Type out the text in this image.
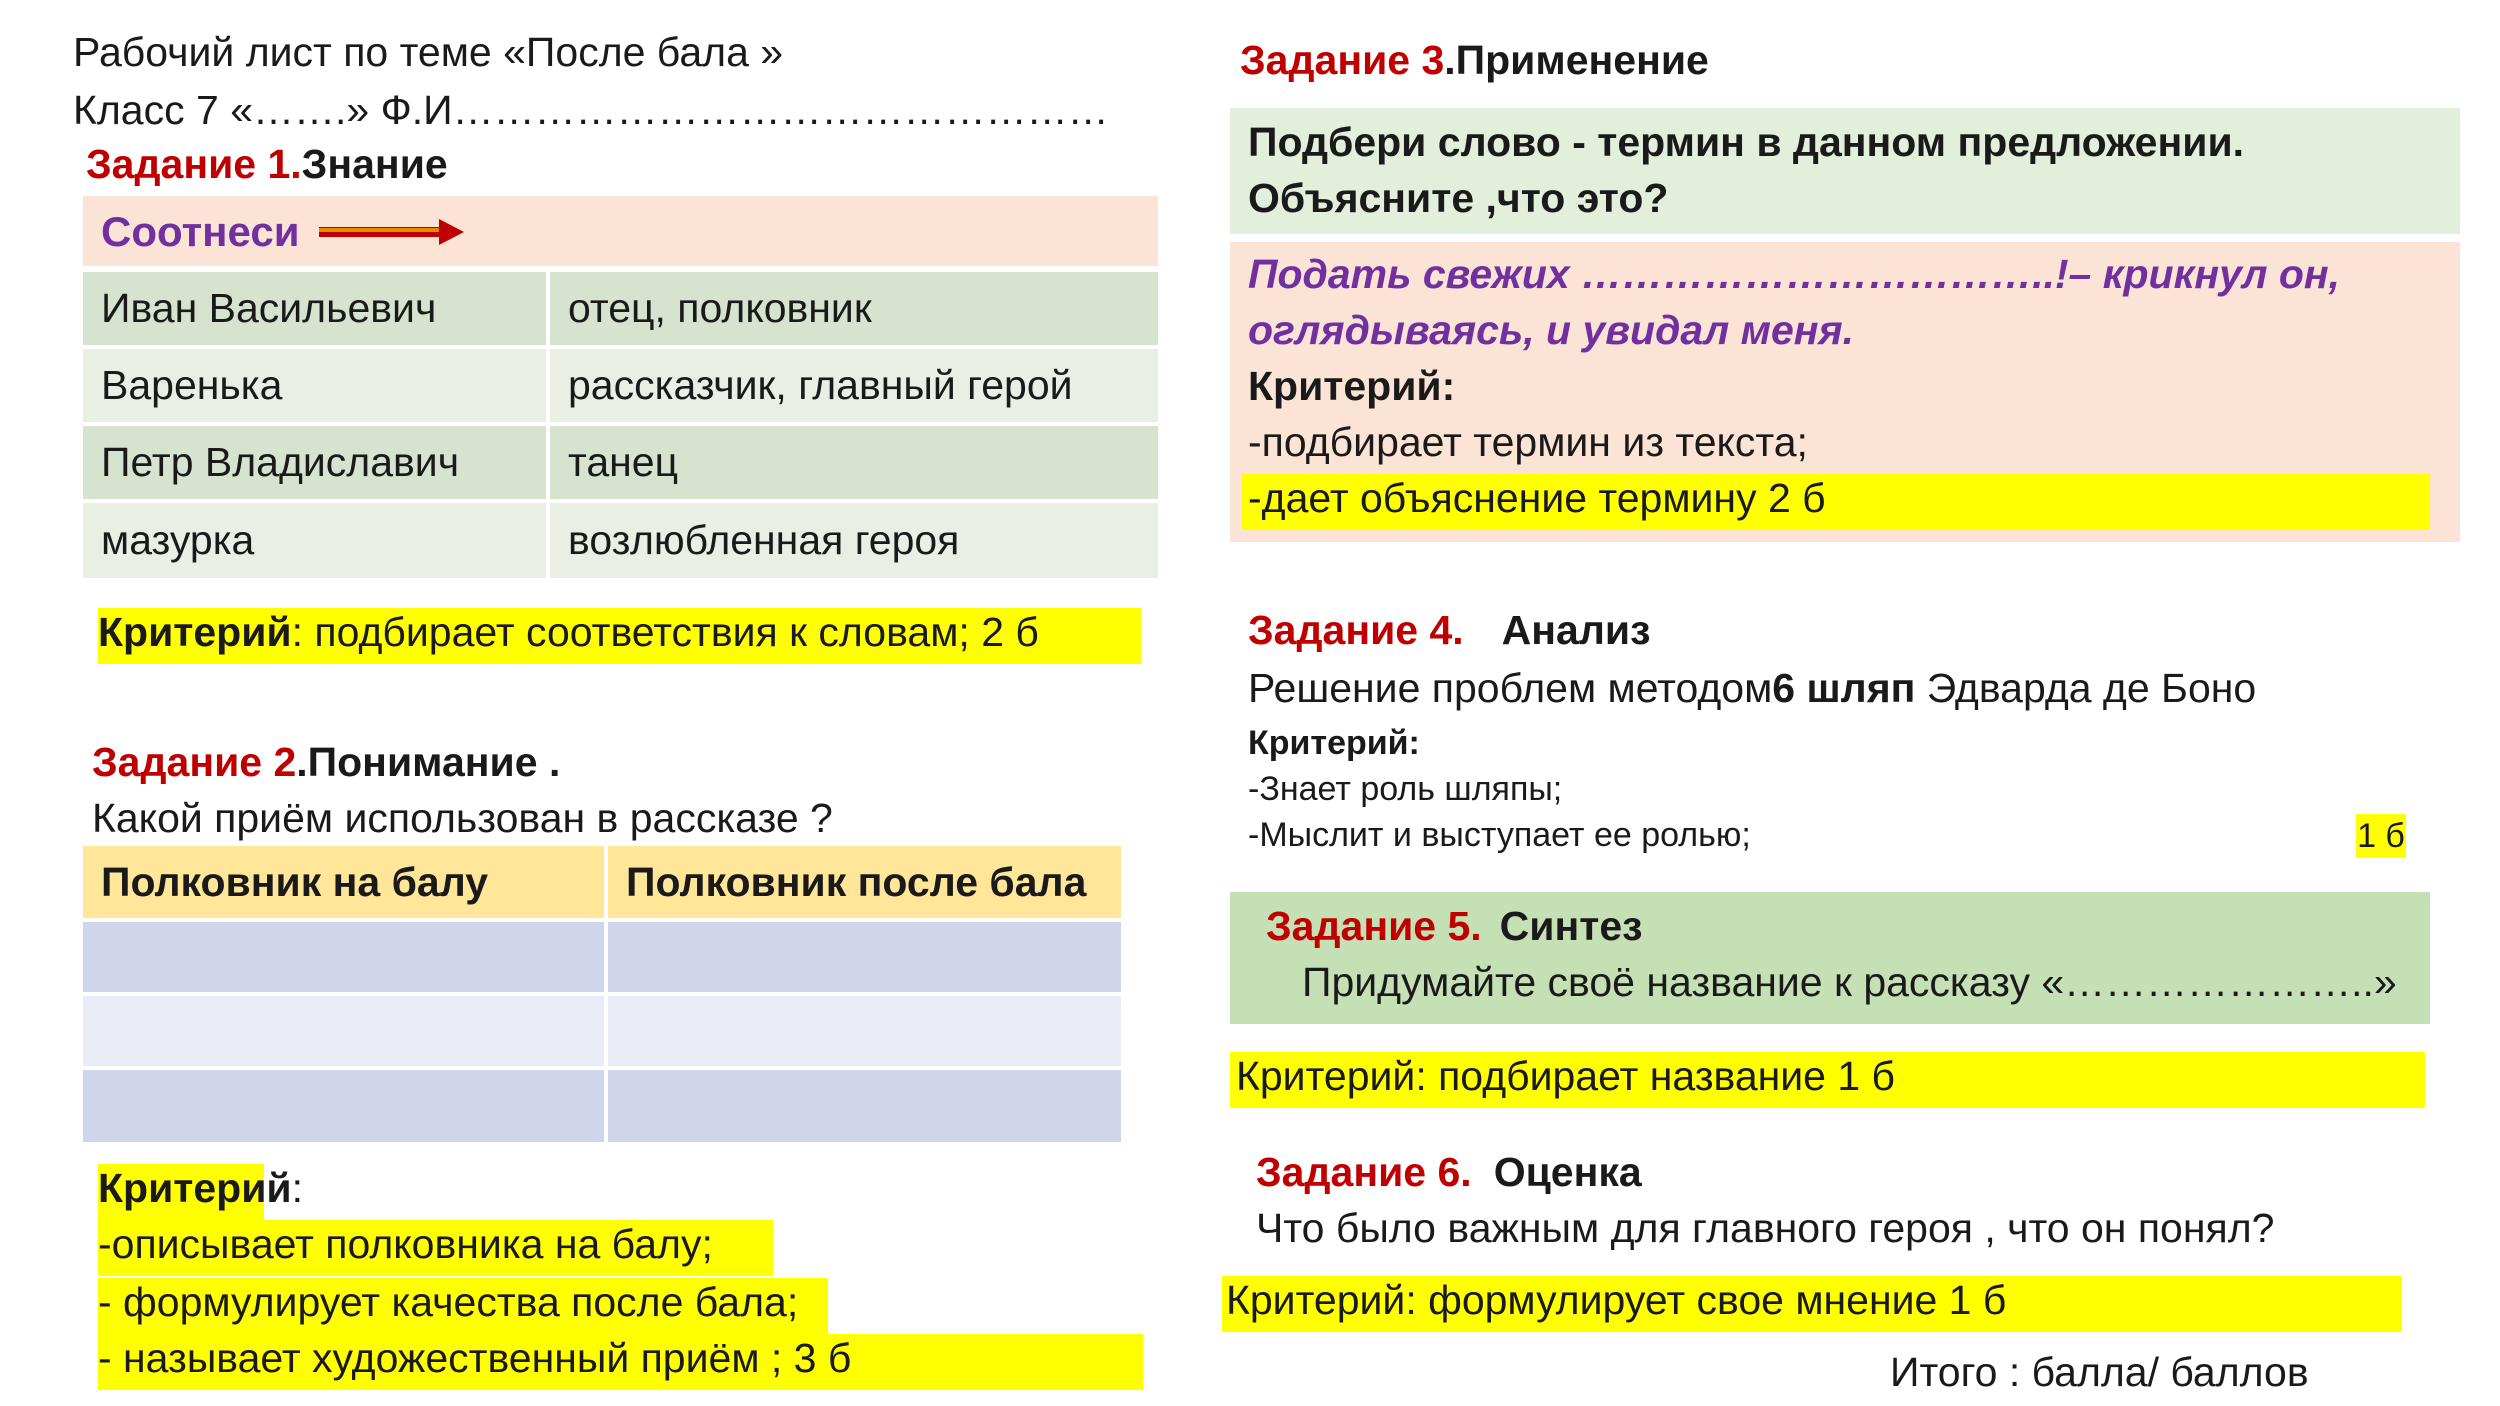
Рабочий лист по теме «После бала »
Класс 7 «…….» Ф.И…………………………………………
Задание 1.Знание
Соотнеси
Иван Васильевич	отец, полковник
Варенька	рассказчик, главный герой
Петр Владиславич	танец
мазурка	возлюбленная героя
Критерий: подбирает соответствия к словам; 2 б
Задание 2.Понимание .
Какой приём использован в рассказе ?
Полковник на балу	Полковник после бала
Критерий:
-описывает полковника на балу;
- формулирует качества после бала;
- называет художественный приём ; 3 б
Задание 3.Применение
Подбери слово - термин в данном предложении.
Объясните ,что это?
Подать свежих ……………………………..!– крикнул он,
оглядываясь, и увидал меня.
Критерий:
-подбирает термин из текста;
-дает объяснение термину 2 б
Задание 4. Анализ
Решение проблем методом6 шляп Эдварда де Боно
Критерий:
-Знает роль шляпы;
-Мыслит и выступает ее ролью;	1 б
Задание 5. Синтез
Придумайте своё название к рассказу «…………………..»
Критерий: подбирает название 1 б
Задание 6. Оценка
Что было важным для главного героя , что он понял?
Критерий: формулирует свое мнение 1 б
Итого : балла/ баллов
